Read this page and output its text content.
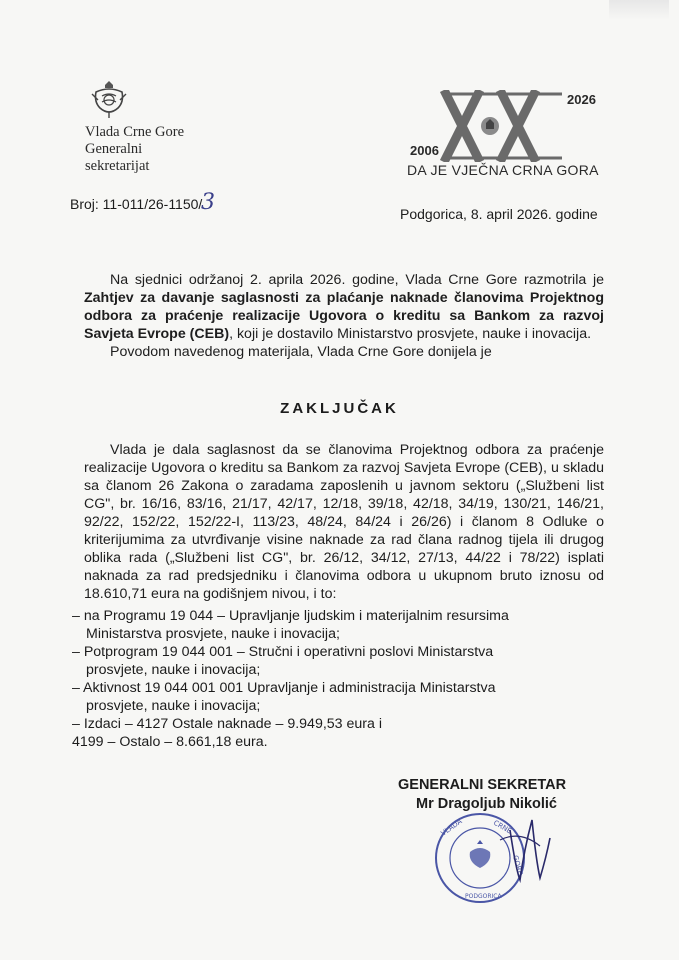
Vlada Crne Gore
Generalni
sekretarijat
2026
2006
DA JE VJEČNA CRNA GORA
Broj: 11-011/26-1150/
3	Podgorica, 8. april 2026. godine
Na sjednici održanoj 2. aprila 2026. godine, Vlada Crne Gore razmotrila je Zahtjev za davanje saglasnosti za plaćanje naknade članovima Projektnog odbora za praćenje realizacije Ugovora o kreditu sa Bankom za razvoj Savjeta Evrope (CEB), koji je dostavilo Ministarstvo prosvjete, nauke i inovacija.
Povodom navedenog materijala, Vlada Crne Gore donijela je
ZAKLJUČAK
Vlada je dala saglasnost da se članovima Projektnog odbora za praćenje realizacije Ugovora o kreditu sa Bankom za razvoj Savjeta Evrope (CEB), u skladu sa članom 26 Zakona o zaradama zaposlenih u javnom sektoru („Službeni list CG", br. 16/16, 83/16, 21/17, 42/17, 12/18, 39/18, 42/18, 34/19, 130/21, 146/21, 92/22, 152/22, 152/22-I, 113/23, 48/24, 84/24 i 26/26) i članom 8 Odluke o kriterijumima za utvrđivanje visine naknade za rad člana radnog tijela ili drugog oblika rada („Službeni list CG", br. 26/12, 34/12, 27/13, 44/22 i 78/22) isplati naknada za rad predsjedniku i članovima odbora u ukupnom bruto iznosu od 18.610,71 eura na godišnjem nivou, i to:
– na Programu 19 044 – Upravljanje ljudskim i materijalnim resursima
Ministarstva prosvjete, nauke i inovacija;
– Potprogram 19 044 001 – Stručni i operativni poslovi Ministarstva
prosvjete, nauke i inovacija;
– Aktivnost 19 044 001 001 Upravljanje i administracija Ministarstva
prosvjete, nauke i inovacija;
– Izdaci – 4127 Ostale naknade – 9.949,53 eura i
4199 – Ostalo – 8.661,18 eura.
GENERALNI SEKRETAR
Mr Dragoljub Nikolić
VLADA	CRNE
GORE
PODGORICA
